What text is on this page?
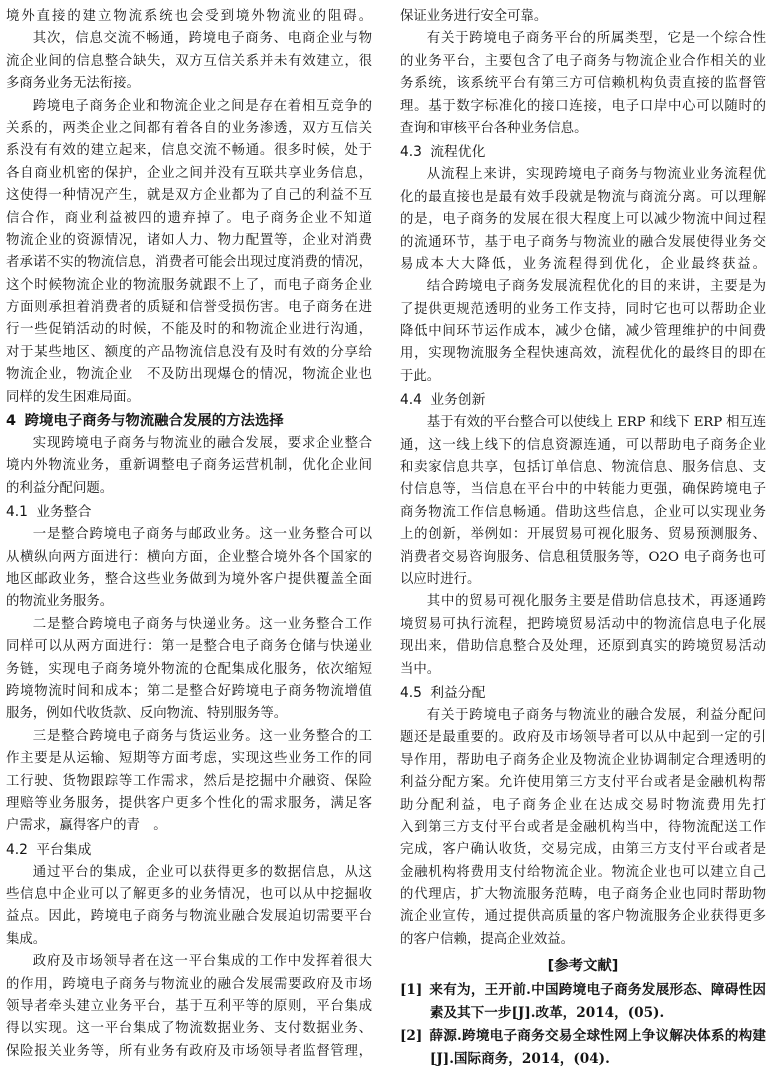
境外直接的建立物流系统也会受到境外物流业的阻碍。
其次，信息交流不畅通，跨境电子商务、电商企业与物
流企业间的信息整合缺失，双方互信关系并未有效建立，很
多商务业务无法衔接。
跨境电子商务企业和物流企业之间是存在着相互竞争的
关系的，两类企业之间都有着各自的业务渗透，双方互信关
系没有有效的建立起来，信息交流不畅通。很多时候，处于
各自商业机密的保护，企业之间并没有互联共享业务信息，
这使得一种情况产生，就是双方企业都为了自己的利益不互
信合作，商业利益被四的遗弃掉了。电子商务企业不知道
物流企业的资源情况，诸如人力、物力配置等，企业对消费
者承诺不实的物流信息，消费者可能会出现过度消费的情况，
这个时候物流企业的物流服务就跟不上了，而电子商务企业
方面则承担着消费者的质疑和信誉受损伤害。电子商务在进
行一些促销活动的时候，不能及时的和物流企业进行沟通，
对于某些地区、额度的产品物流信息没有及时有效的分享给
物流企业，物流企业　不及防出现爆仓的情况，物流企业也
同样的发生困难局面。
4 跨境电子商务与物流融合发展的方法选择
实现跨境电子商务与物流业的融合发展，要求企业整合
境内外物流业务，重新调整电子商务运营机制，优化企业间
的利益分配问题。
4.1 业务整合
一是整合跨境电子商务与邮政业务。这一业务整合可以
从横纵向两方面进行：横向方面，企业整合境外各个国家的
地区邮政业务，整合这些业务做到为境外客户提供覆盖全面
的物流业务服务。
二是整合跨境电子商务与快递业务。这一业务整合工作
同样可以从两方面进行：第一是整合电子商务仓储与快递业
务链，实现电子商务境外物流的仓配集成化服务，依次缩短
跨境物流时间和成本；第二是整合好跨境电子商务物流增值
服务，例如代收货款、反向物流、特别服务等。
三是整合跨境电子商务与货运业务。这一业务整合的工
作主要是从运输、短期等方面考虑，实现这些业务工作的同
工行驶、货物跟踪等工作需求，然后是挖掘中介融资、保险
理赔等业务服务，提供客户更多个性化的需求服务，满足客
户需求，赢得客户的青　。
4.2 平台集成
通过平台的集成，企业可以获得更多的数据信息，从这
些信息中企业可以了解更多的业务情况，也可以从中挖掘收
益点。因此，跨境电子商务与物流业融合发展迫切需要平台
集成。
政府及市场领导者在这一平台集成的工作中发挥着很大
的作用，跨境电子商务与物流业的融合发展需要政府及市场
领导者牵头建立业务平台，基于互利平等的原则，平台集成
得以实现。这一平台集成了物流数据业务、支付数据业务、
保险报关业务等，所有业务有政府及市场领导者监督管理，
保证业务进行安全可靠。
有关于跨境电子商务平台的所属类型，它是一个综合性
的业务平台，主要包含了电子商务与物流企业合作相关的业
务系统，该系统平台有第三方可信赖机构负责直接的监督管
理。基于数字标准化的接口连接，电子口岸中心可以随时的
查询和审核平台各种业务信息。
4.3 流程优化
从流程上来讲，实现跨境电子商务与物流业业务流程优
化的最直接也是最有效手段就是物流与商流分离。可以理解
的是，电子商务的发展在很大程度上可以减少物流中间过程
的流通环节，基于电子商务与物流业的融合发展使得业务交
易成本大大降低，业务流程得到优化，企业最终获益。
结合跨境电子商务发展流程优化的目的来讲，主要是为
了提供更规范透明的业务工作支持，同时它也可以帮助企业
降低中间环节运作成本，减少仓储，减少管理维护的中间费
用，实现物流服务全程快速高效，流程优化的最终目的即在
于此。
4.4 业务创新
基于有效的平台整合可以使线上 ERP 和线下 ERP 相互连
通，这一线上线下的信息资源连通，可以帮助电子商务企业
和卖家信息共享，包括订单信息、物流信息、服务信息、支
付信息等，当信息在平台中的中转能力更强，确保跨境电子
商务物流工作信息畅通。借助这些信息，企业可以实现业务
上的创新，举例如：开展贸易可视化服务、贸易预测服务、
消费者交易咨询服务、信息租赁服务等，O2O 电子商务也可
以应时进行。
其中的贸易可视化服务主要是借助信息技术，再逐通跨
境贸易可执行流程，把跨境贸易活动中的物流信息电子化展
现出来，借助信息整合及处理，还原到真实的跨境贸易活动
当中。
4.5 利益分配
有关于跨境电子商务与物流业的融合发展，利益分配问
题还是最重要的。政府及市场领导者可以从中起到一定的引
导作用，帮助电子商务企业及物流企业协调制定合理透明的
利益分配方案。允许使用第三方支付平台或者是金融机构帮
助分配利益，电子商务企业在达成交易时物流费用先打
入到第三方支付平台或者是金融机构当中，待物流配送工作
完成，客户确认收货，交易完成，由第三方支付平台或者是
金融机构将费用支付给物流企业。物流企业也可以建立自己
的代理店，扩大物流服务范畴，电子商务企业也同时帮助物
流企业宣传，通过提供高质量的客户物流服务企业获得更多
的客户信赖，提高企业效益。
[参考文献]
[1] 来有为，王开前.中国跨境电子商务发展形态、障碍性因
素及其下一步[J].改革，2014，(05).
[2] 薛源.跨境电子商务交易全球性网上争议解决体系的构建
[J].国际商务，2014，(04).
